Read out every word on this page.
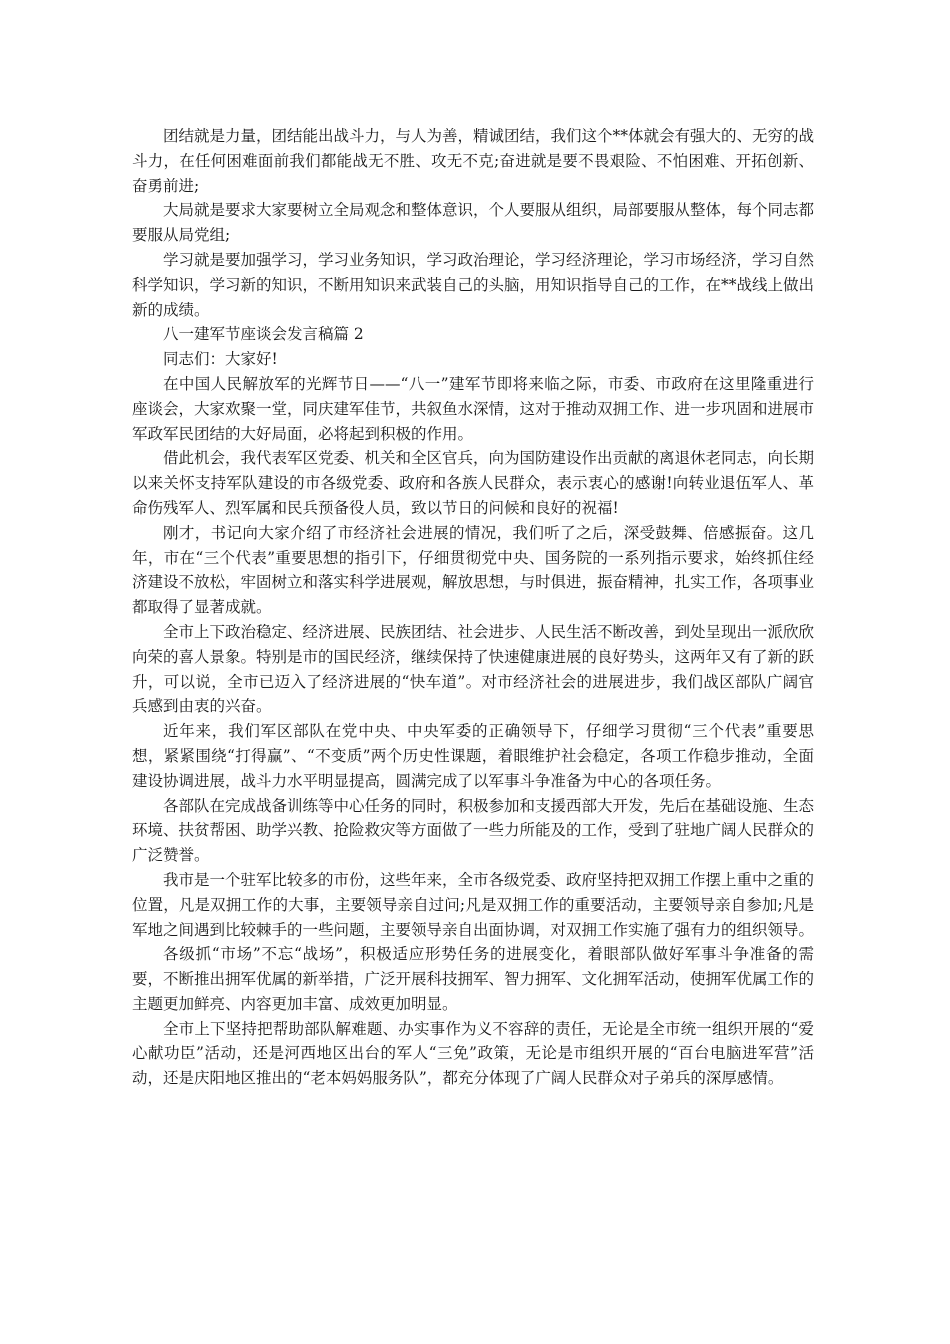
团结就是力量，团结能出战斗力，与人为善，精诚团结，我们这个**体就会有强大的、无穷的战斗力，在任何困难面前我们都能战无不胜、攻无不克;奋进就是要不畏艰险、不怕困难、开拓创新、奋勇前进;

大局就是要求大家要树立全局观念和整体意识，个人要服从组织，局部要服从整体，每个同志都要服从局党组;

学习就是要加强学习，学习业务知识，学习政治理论，学习经济理论，学习市场经济，学习自然科学知识，学习新的知识，不断用知识来武装自己的头脑，用知识指导自己的工作，在**战线上做出新的成绩。

八一建军节座谈会发言稿篇 2

同志们：大家好!

在中国人民解放军的光辉节日——“八一”建军节即将来临之际，市委、市政府在这里隆重进行座谈会，大家欢聚一堂，同庆建军佳节，共叙鱼水深情，这对于推动双拥工作、进一步巩固和进展市军政军民团结的大好局面，必将起到积极的作用。

借此机会，我代表军区党委、机关和全区官兵，向为国防建设作出贡献的离退休老同志，向长期以来关怀支持军队建设的市各级党委、政府和各族人民群众，表示衷心的感谢!向转业退伍军人、革命伤残军人、烈军属和民兵预备役人员，致以节日的问候和良好的祝福!

刚才，书记向大家介绍了市经济社会进展的情况，我们听了之后，深受鼓舞、倍感振奋。这几年，市在“三个代表”重要思想的指引下，仔细贯彻党中央、国务院的一系列指示要求，始终抓住经济建设不放松，牢固树立和落实科学进展观，解放思想，与时俱进，振奋精神，扎实工作，各项事业都取得了显著成就。

全市上下政治稳定、经济进展、民族团结、社会进步、人民生活不断改善，到处呈现出一派欣欣向荣的喜人景象。特别是市的国民经济，继续保持了快速健康进展的良好势头，这两年又有了新的跃升，可以说，全市已迈入了经济进展的“快车道”。对市经济社会的进展进步，我们战区部队广阔官兵感到由衷的兴奋。

近年来，我们军区部队在党中央、中央军委的正确领导下，仔细学习贯彻“三个代表”重要思想，紧紧围绕“打得赢”、“不变质”两个历史性课题，着眼维护社会稳定，各项工作稳步推动，全面建设协调进展，战斗力水平明显提高，圆满完成了以军事斗争准备为中心的各项任务。

各部队在完成战备训练等中心任务的同时，积极参加和支援西部大开发，先后在基础设施、生态环境、扶贫帮困、助学兴教、抢险救灾等方面做了一些力所能及的工作，受到了驻地广阔人民群众的广泛赞誉。

我市是一个驻军比较多的市份，这些年来，全市各级党委、政府坚持把双拥工作摆上重中之重的位置，凡是双拥工作的大事，主要领导亲自过问;凡是双拥工作的重要活动，主要领导亲自参加;凡是军地之间遇到比较棘手的一些问题，主要领导亲自出面协调，对双拥工作实施了强有力的组织领导。

各级抓“市场”不忘“战场”，积极适应形势任务的进展变化，着眼部队做好军事斗争准备的需要，不断推出拥军优属的新举措，广泛开展科技拥军、智力拥军、文化拥军活动，使拥军优属工作的主题更加鲜亮、内容更加丰富、成效更加明显。

全市上下坚持把帮助部队解难题、办实事作为义不容辞的责任，无论是全市统一组织开展的“爱心献功臣”活动，还是河西地区出台的军人“三免”政策，无论是市组织开展的“百台电脑进军营”活动，还是庆阳地区推出的“老本妈妈服务队”，都充分体现了广阔人民群众对子弟兵的深厚感情。
